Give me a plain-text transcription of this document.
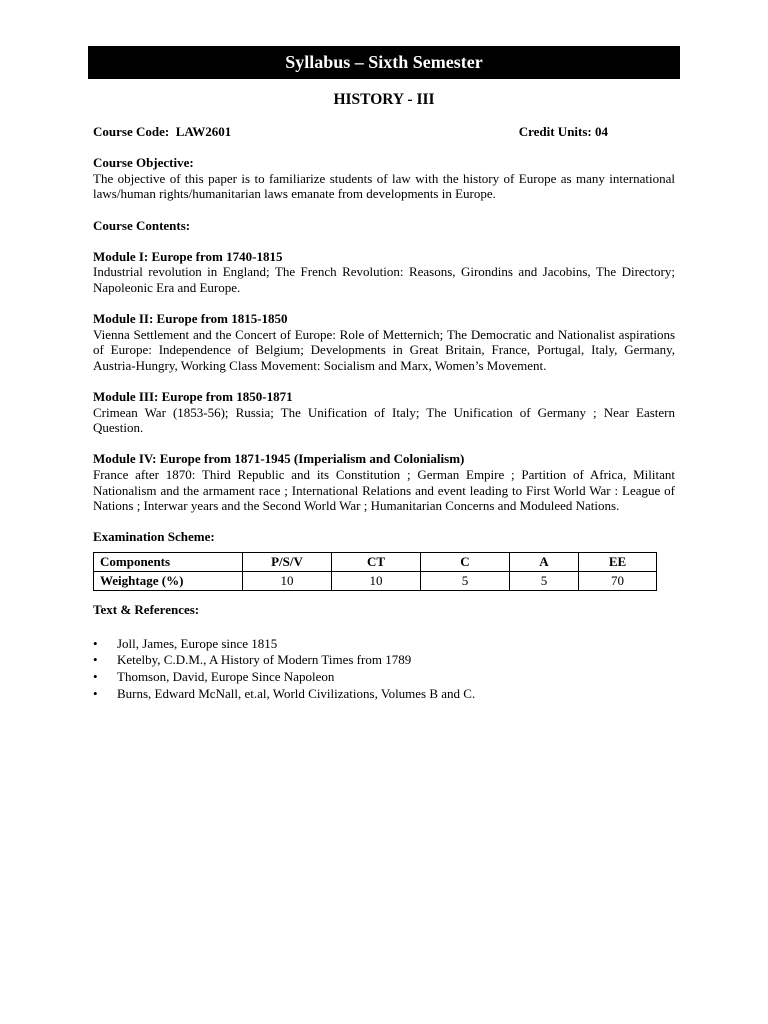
Syllabus – Sixth Semester
HISTORY - III
Course Code: LAW2601	Credit Units: 04
Course Objective:
The objective of this paper is to familiarize students of law with the history of Europe as many international laws/human rights/humanitarian laws emanate from developments in Europe.
Course Contents:
Module I: Europe from 1740-1815
Industrial revolution in England; The French Revolution: Reasons, Girondins and Jacobins, The Directory; Napoleonic Era and Europe.
Module II: Europe from 1815-1850
Vienna Settlement and the Concert of Europe: Role of Metternich; The Democratic and Nationalist aspirations of Europe: Independence of Belgium; Developments in Great Britain, France, Portugal, Italy, Germany, Austria-Hungry, Working Class Movement: Socialism and Marx, Women’s Movement.
Module III: Europe from 1850-1871
Crimean War (1853-56); Russia; The Unification of Italy; The Unification of Germany ; Near Eastern Question.
Module IV: Europe from 1871-1945 (Imperialism and Colonialism)
France after 1870: Third Republic and its Constitution ; German Empire ; Partition of Africa, Militant Nationalism and the armament race ; International Relations and event leading to First World War : League of Nations ; Interwar years and the Second World War ; Humanitarian Concerns and Moduleed Nations.
Examination Scheme:
Components	P/S/V	CT	C	A	EE
Weightage (%)	10	10	5	5	70
Text & References:
• Joll, James, Europe since 1815
• Ketelby, C.D.M., A History of Modern Times from 1789
• Thomson, David, Europe Since Napoleon
• Burns, Edward McNall, et.al, World Civilizations, Volumes B and C.
